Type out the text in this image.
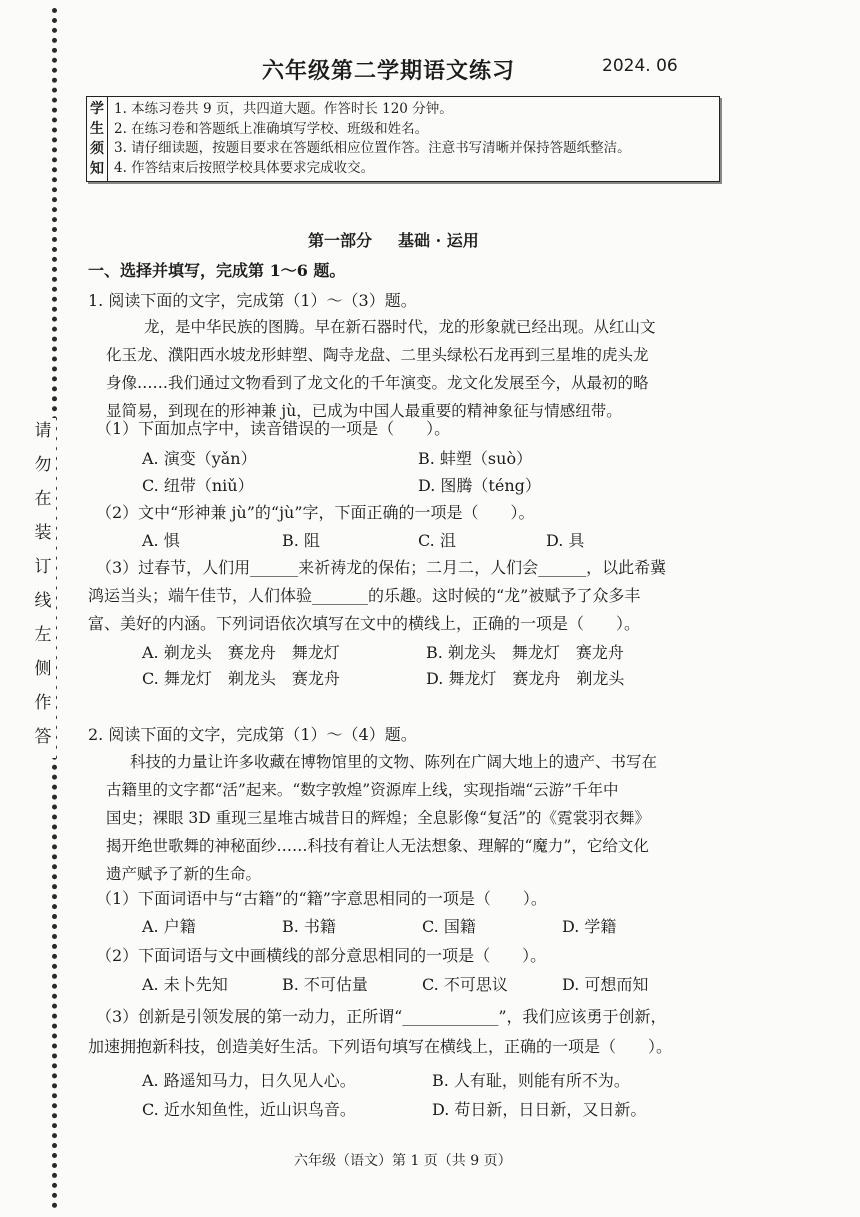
请
勿
在
装
订
线
左
侧
作
答
六年级第二学期语文练习	2024. 06
学
生
须
知
1. 本练习卷共 9 页，共四道大题。作答时长 120 分钟。
2. 在练习卷和答题纸上准确填写学校、班级和姓名。
3. 请仔细读题，按题目要求在答题纸相应位置作答。注意书写清晰并保持答题纸整洁。
4. 作答结束后按照学校具体要求完成收交。
第一部分 基础 · 运用
一、选择并填写，完成第 1～6 题。
1. 阅读下面的文字，完成第（1）～（3）题。
龙，是中华民族的图腾。早在新石器时代，龙的形象就已经出现。从红山文
化玉龙、濮阳西水坡龙形蚌塑、陶寺龙盘、二里头绿松石龙再到三星堆的虎头龙
身像……我们通过文物看到了龙文化的千年演变。龙文化发展至今，从最初的略
显简易，到现在的形神兼 jù，已成为中国人最重要的精神象征与情感纽带。
（1）下面加点字中，读音错误的一项是（　　）。
A. 演变（yǎn）	B. 蚌塑（suò）
C. 纽带（niǔ）	D. 图腾（téng）
（2）文中“形神兼 jù”的“jù”字，下面正确的一项是（　　）。
A. 惧	B. 阻	C. 沮	D. 具
（3）过春节，人们用______来祈祷龙的保佑；二月二，人们会______，以此希冀
鸿运当头；端午佳节，人们体验_______的乐趣。这时候的“龙”被赋予了众多丰
富、美好的内涵。下列词语依次填写在文中的横线上，正确的一项是（　　）。
A. 剃龙头　赛龙舟　舞龙灯	B. 剃龙头　舞龙灯　赛龙舟
C. 舞龙灯　剃龙头　赛龙舟	D. 舞龙灯　赛龙舟　剃龙头
2. 阅读下面的文字，完成第（1）～（4）题。
科技的力量让许多收藏在博物馆里的文物、陈列在广阔大地上的遗产、书写在
古籍里的文字都“活”起来。“数字敦煌”资源库上线，实现指端“云游”千年中
国史；裸眼 3D 重现三星堆古城昔日的辉煌；全息影像“复活”的《霓裳羽衣舞》
揭开绝世歌舞的神秘面纱……科技有着让人无法想象、理解的“魔力”，它给文化
遗产赋予了新的生命。
（1）下面词语中与“古籍”的“籍”字意思相同的一项是（　　）。
A. 户籍	B. 书籍	C. 国籍	D. 学籍
（2）下面词语与文中画横线的部分意思相同的一项是（　　）。
A. 未卜先知	B. 不可估量	C. 不可思议	D. 可想而知
（3）创新是引领发展的第一动力，正所谓“____________”，我们应该勇于创新，
加速拥抱新科技，创造美好生活。下列语句填写在横线上，正确的一项是（　　）。
A. 路遥知马力，日久见人心。	B. 人有耻，则能有所不为。
C. 近水知鱼性，近山识鸟音。	D. 苟日新，日日新，又日新。
六年级（语文）第 1 页（共 9 页）
